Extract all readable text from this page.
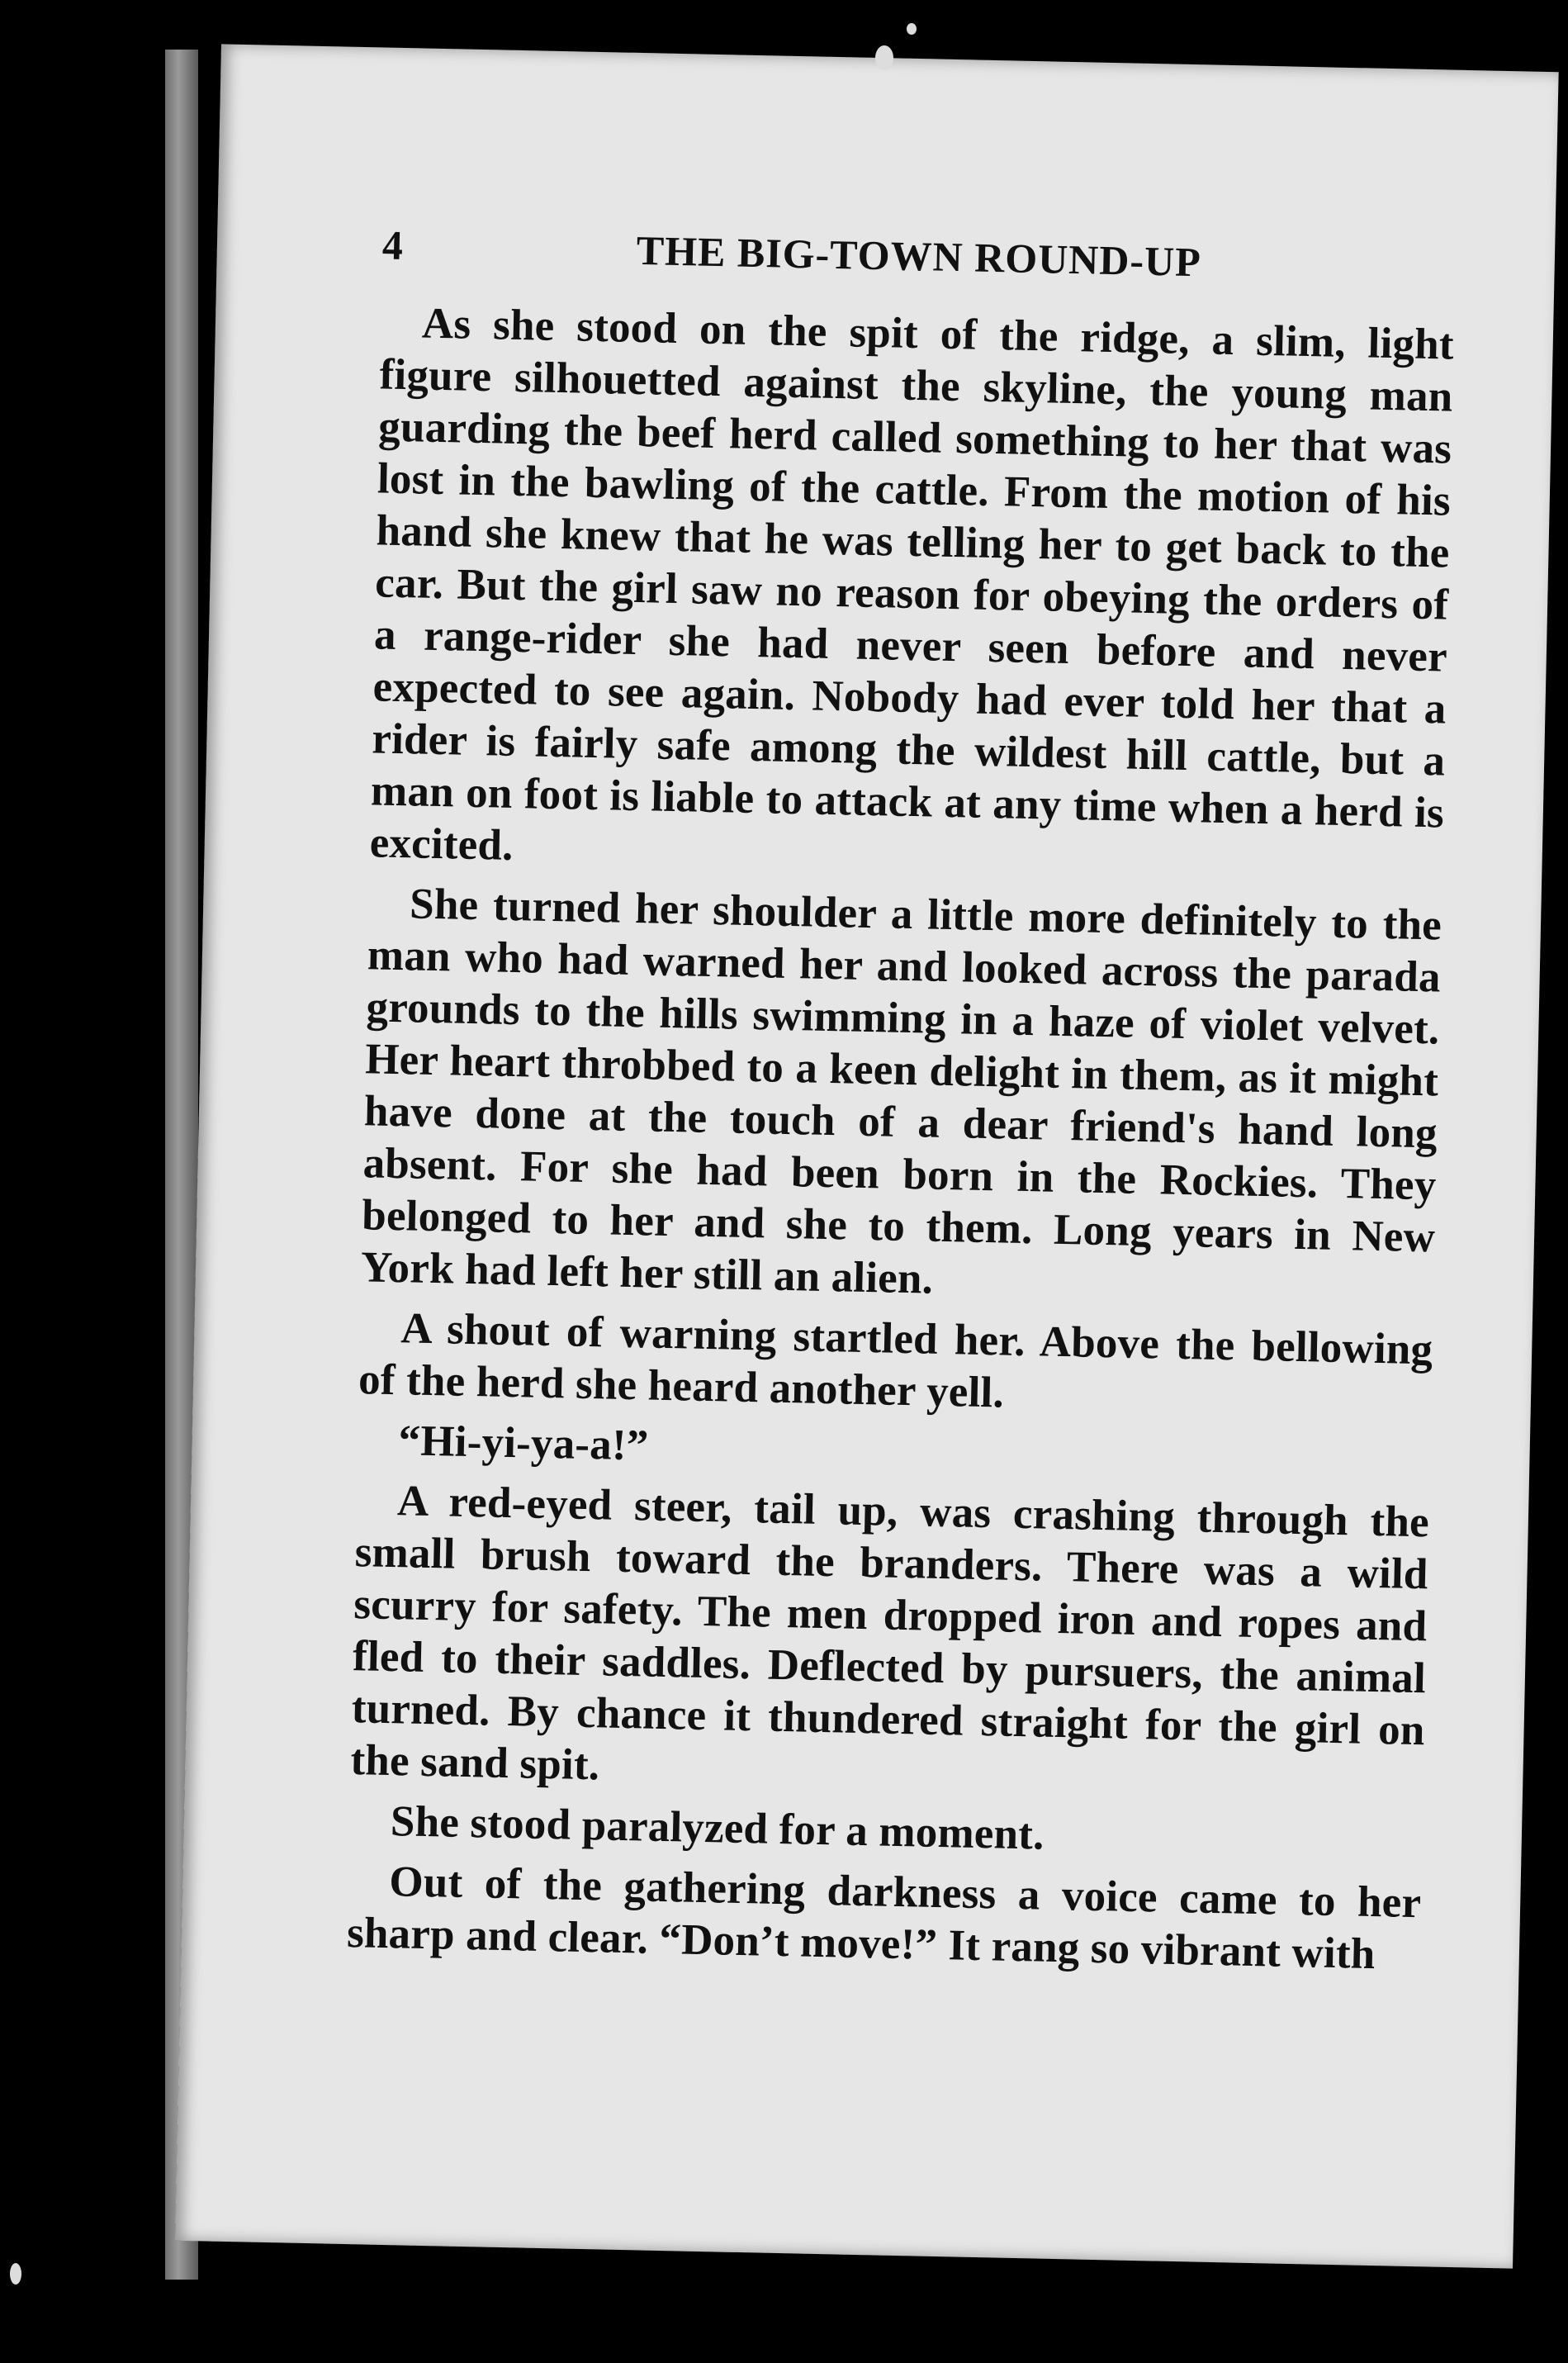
4	THE BIG-TOWN ROUND-UP

As she stood on the spit of the ridge, a slim, light figure silhouetted against the skyline, the young man guarding the beef herd called something to her that was lost in the bawling of the cattle. From the motion of his hand she knew that he was telling her to get back to the car. But the girl saw no reason for obeying the orders of a range-rider she had never seen before and never expected to see again. Nobody had ever told her that a rider is fairly safe among the wildest hill cattle, but a man on foot is liable to attack at any time when a herd is excited.

She turned her shoulder a little more definitely to the man who had warned her and looked across the parada grounds to the hills swimming in a haze of violet velvet. Her heart throbbed to a keen delight in them, as it might have done at the touch of a dear friend's hand long absent. For she had been born in the Rockies. They belonged to her and she to them. Long years in New York had left her still an alien.

A shout of warning startled her. Above the bellowing of the herd she heard another yell.

“Hi-yi-ya-a!”

A red-eyed steer, tail up, was crashing through the small brush toward the branders. There was a wild scurry for safety. The men dropped iron and ropes and fled to their saddles. Deflected by pursuers, the animal turned. By chance it thundered straight for the girl on the sand spit.

She stood paralyzed for a moment.

Out of the gathering darkness a voice came to her sharp and clear. “Don’t move!” It rang so vibrant with
